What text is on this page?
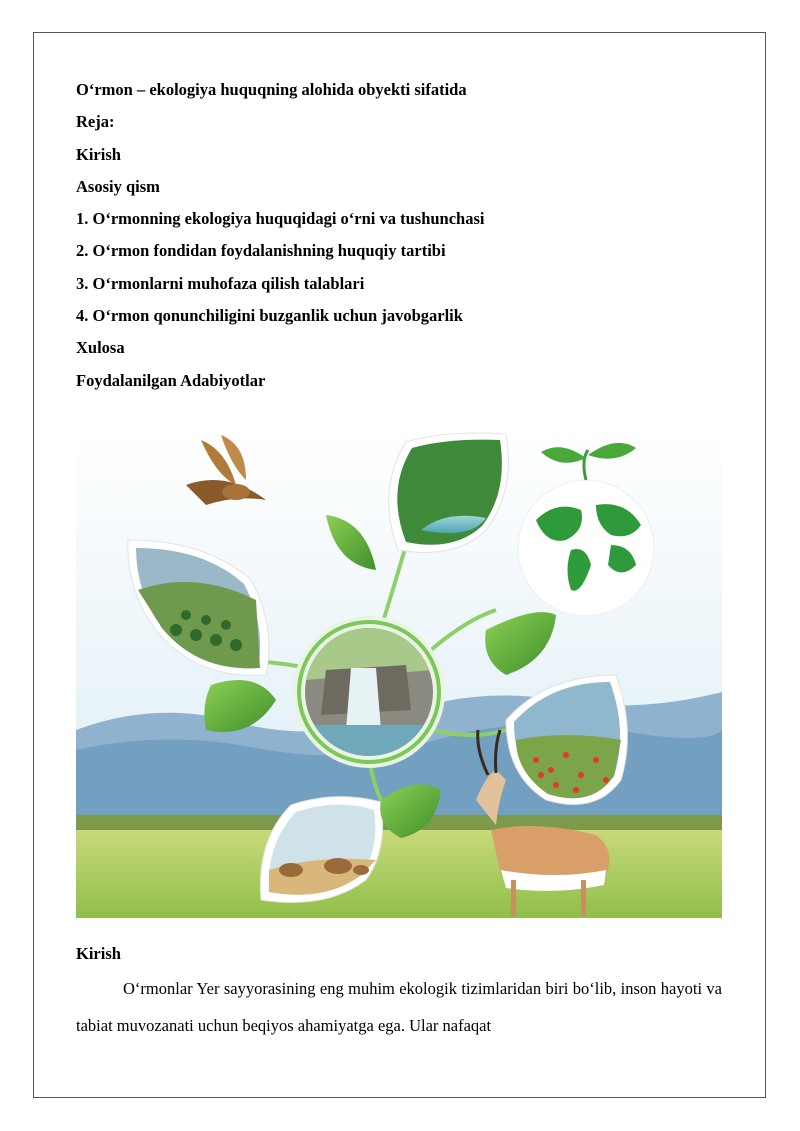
O‘rmon – ekologiya huquqning alohida obyekti sifatida
Reja:
Kirish
Asosiy qism
1. O‘rmonning ekologiya huquqidagi o‘rni va tushunchasi
2. O‘rmon fondidan foydalanishning huquqiy tartibi
3. O‘rmonlarni muhofaza qilish talablari
4. O‘rmon qonunchiligini buzganlik uchun javobgarlik
Xulosa
Foydalanilgan Adabiyotlar
Kirish
O‘rmonlar Yer sayyorasining eng muhim ekologik tizimlaridan biri bo‘lib, inson hayoti va tabiat muvozanati uchun beqiyos ahamiyatga ega. Ular nafaqat
